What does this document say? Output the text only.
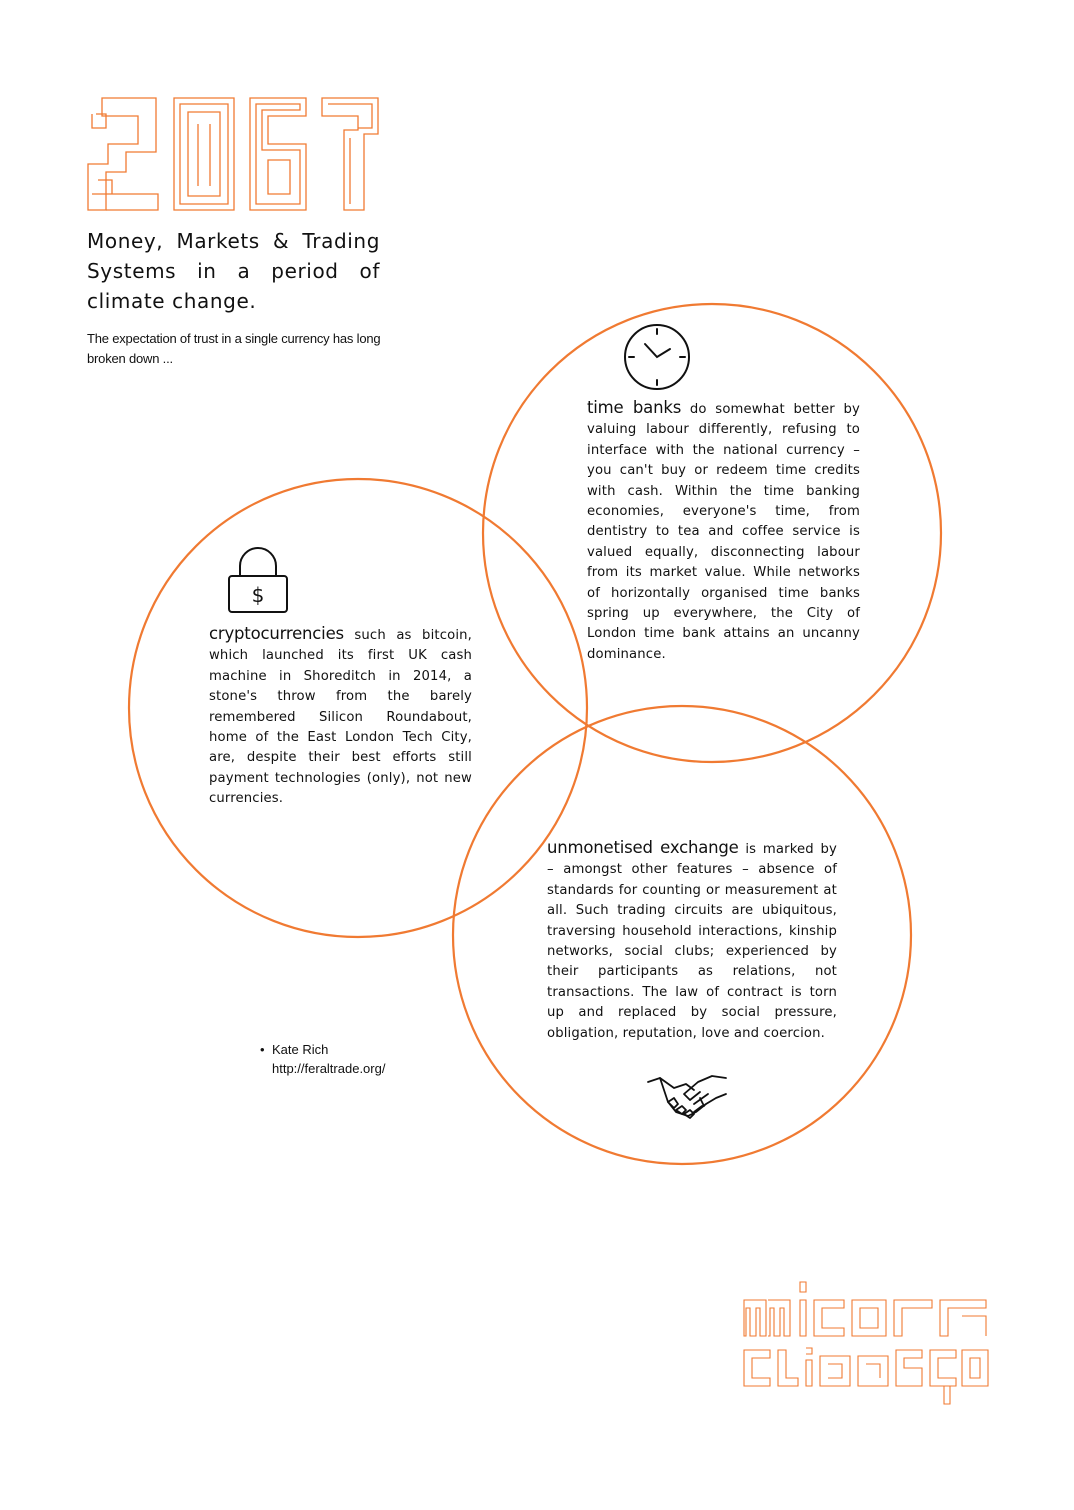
Money, Markets & Trading Systems in a period of climate change.

The expectation of trust in a single currency has long broken down ...

$

time banks do somewhat better by valuing labour differently, refusing to interface with the national currency – you can't buy or redeem time credits with cash. Within the time banking economies, everyone's time, from dentistry to tea and coffee service is valued equally, disconnecting labour from its market value. While networks of horizontally organised time banks spring up everywhere, the City of London time bank attains an uncanny dominance.

cryptocurrencies such as bitcoin, which launched its first UK cash machine in Shoreditch in 2014, a stone's throw from the barely remembered Silicon Roundabout, home of the East London Tech City, are, despite their best efforts still payment technologies (only), not new currencies.

unmonetised exchange is marked by – amongst other features – absence of standards for counting or measurement at all. Such trading circuits are ubiquitous, traversing household interactions, kinship networks, social clubs; experienced by their participants as relations, not transactions. The law of contract is torn up and replaced by social pressure, obligation, reputation, love and coercion.

• Kate Rich
http://feraltrade.org/
